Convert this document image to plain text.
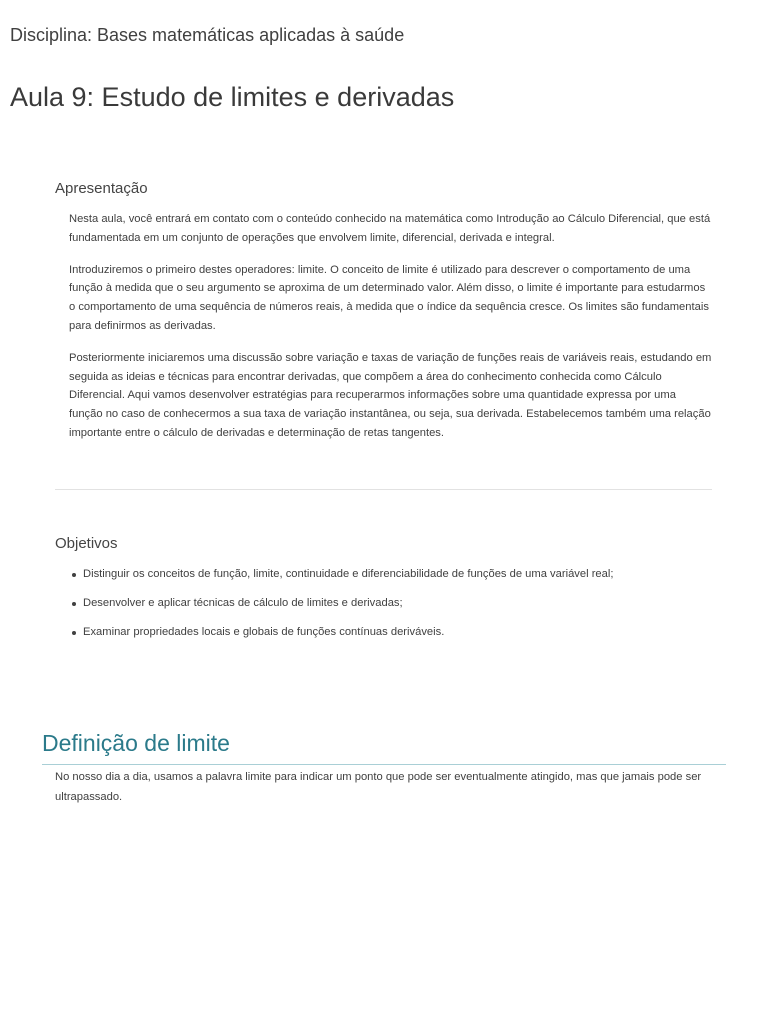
Disciplina: Bases matemáticas aplicadas à saúde
Aula 9: Estudo de limites e derivadas
Apresentação

Nesta aula, você entrará em contato com o conteúdo conhecido na matemática como Introdução ao Cálculo Diferencial, que está fundamentada em um conjunto de operações que envolvem limite, diferencial, derivada e integral.

Introduziremos o primeiro destes operadores: limite. O conceito de limite é utilizado para descrever o comportamento de uma função à medida que o seu argumento se aproxima de um determinado valor. Além disso, o limite é importante para estudarmos o comportamento de uma sequência de números reais, à medida que o índice da sequência cresce. Os limites são fundamentais para definirmos as derivadas.

Posteriormente iniciaremos uma discussão sobre variação e taxas de variação de funções reais de variáveis reais, estudando em seguida as ideias e técnicas para encontrar derivadas, que compõem a área do conhecimento conhecida como Cálculo Diferencial. Aqui vamos desenvolver estratégias para recuperarmos informações sobre uma quantidade expressa por uma função no caso de conhecermos a sua taxa de variação instantânea, ou seja, sua derivada. Estabelecemos também uma relação importante entre o cálculo de derivadas e determinação de retas tangentes.

Objetivos
Distinguir os conceitos de função, limite, continuidade e diferenciabilidade de funções de uma variável real;
Desenvolver e aplicar técnicas de cálculo de limites e derivadas;
Examinar propriedades locais e globais de funções contínuas deriváveis.
Definição de limite

No nosso dia a dia, usamos a palavra limite para indicar um ponto que pode ser eventualmente atingido, mas que jamais pode ser ultrapassado.
